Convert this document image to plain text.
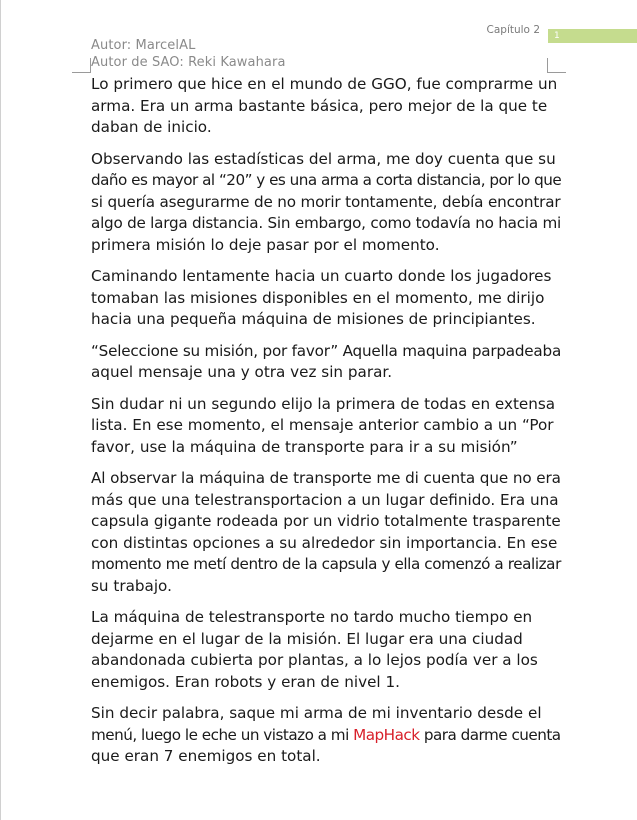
Capítulo 2	1
Autor: MarcelAL
Autor de SAO: Reki Kawahara

Lo primero que hice en el mundo de GGO, fue comprarme un
arma. Era un arma bastante básica, pero mejor de la que te
daban de inicio.

Observando las estadísticas del arma, me doy cuenta que su
daño es mayor al “20” y es una arma a corta distancia, por lo que
si quería asegurarme de no morir tontamente, debía encontrar
algo de larga distancia. Sin embargo, como todavía no hacia mi
primera misión lo deje pasar por el momento.

Caminando lentamente hacia un cuarto donde los jugadores
tomaban las misiones disponibles en el momento, me dirijo
hacia una pequeña máquina de misiones de principiantes.

“Seleccione su misión, por favor” Aquella maquina parpadeaba
aquel mensaje una y otra vez sin parar.

Sin dudar ni un segundo elijo la primera de todas en extensa
lista. En ese momento, el mensaje anterior cambio a un “Por
favor, use la máquina de transporte para ir a su misión”

Al observar la máquina de transporte me di cuenta que no era
más que una telestransportacion a un lugar definido. Era una
capsula gigante rodeada por un vidrio totalmente trasparente
con distintas opciones a su alrededor sin importancia. En ese
momento me metí dentro de la capsula y ella comenzó a realizar
su trabajo.

La máquina de telestransporte no tardo mucho tiempo en
dejarme en el lugar de la misión. El lugar era una ciudad
abandonada cubierta por plantas, a lo lejos podía ver a los
enemigos. Eran robots y eran de nivel 1.

Sin decir palabra, saque mi arma de mi inventario desde el
menú, luego le eche un vistazo a mi MapHack para darme cuenta
que eran 7 enemigos en total.
